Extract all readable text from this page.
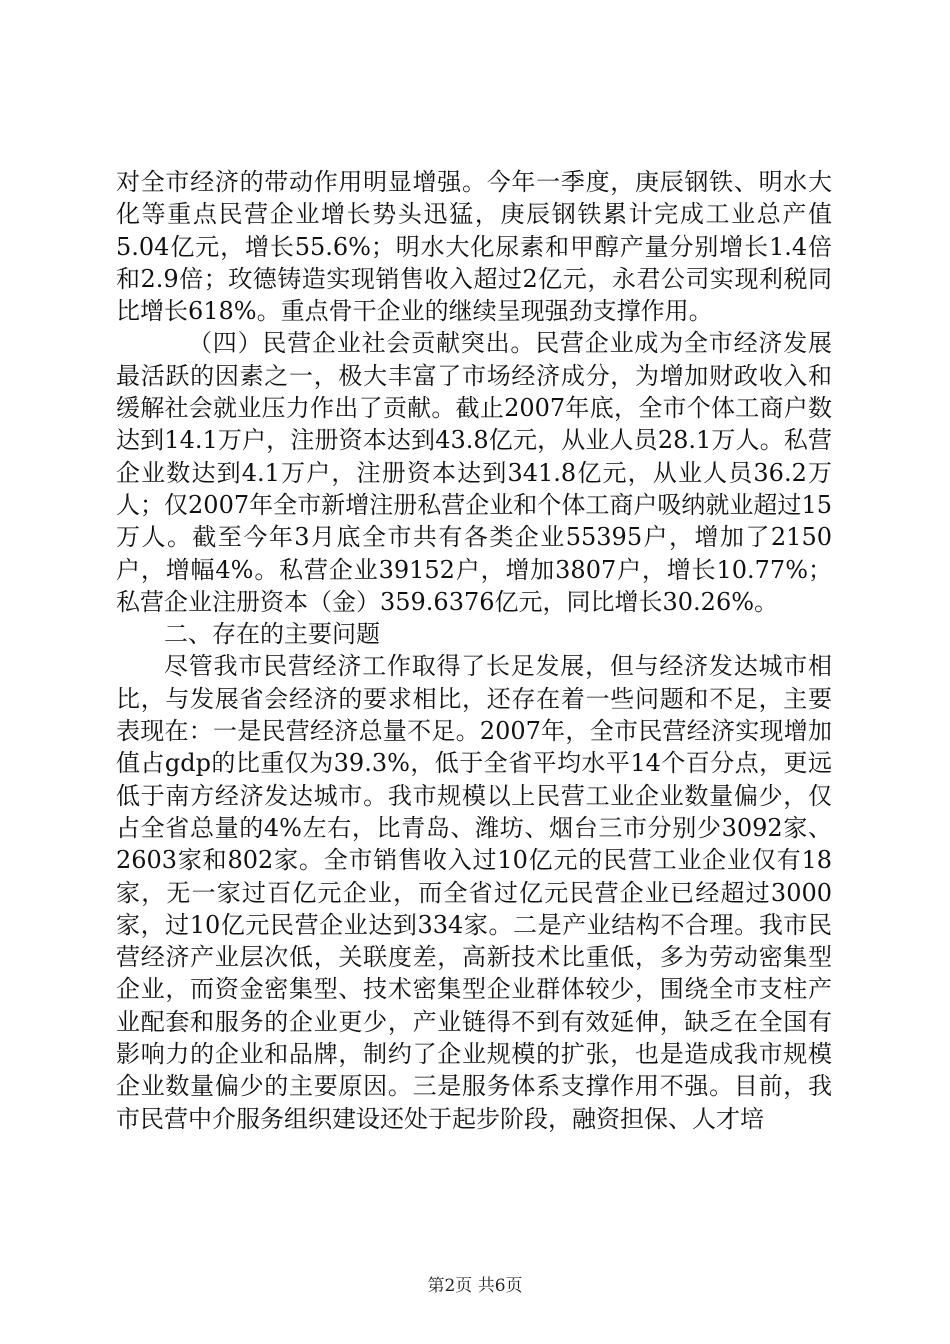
对全市经济的带动作用明显增强。今年一季度，庚辰钢铁、明水大化等重点民营企业增长势头迅猛，庚辰钢铁累计完成工业总产值5.04亿元，增长55.6%；明水大化尿素和甲醇产量分别增长1.4倍和2.9倍；玫德铸造实现销售收入超过2亿元，永君公司实现利税同比增长618%。重点骨干企业的继续呈现强劲支撑作用。

（四）民营企业社会贡献突出。民营企业成为全市经济发展最活跃的因素之一，极大丰富了市场经济成分，为增加财政收入和缓解社会就业压力作出了贡献。截止2007年底，全市个体工商户数达到14.1万户，注册资本达到43.8亿元，从业人员28.1万人。私营企业数达到4.1万户，注册资本达到341.8亿元，从业人员36.2万人；仅2007年全市新增注册私营企业和个体工商户吸纳就业超过15万人。截至今年3月底全市共有各类企业55395户，增加了2150户，增幅4%。私营企业39152户，增加3807户，增长10.77%；私营企业注册资本（金）359.6376亿元，同比增长30.26%。

二、存在的主要问题

尽管我市民营经济工作取得了长足发展，但与经济发达城市相比，与发展省会经济的要求相比，还存在着一些问题和不足，主要表现在：一是民营经济总量不足。2007年，全市民营经济实现增加值占gdp的比重仅为39.3%，低于全省平均水平14个百分点，更远低于南方经济发达城市。我市规模以上民营工业企业数量偏少，仅占全省总量的4%左右，比青岛、潍坊、烟台三市分别少3092家、2603家和802家。全市销售收入过10亿元的民营工业企业仅有18家，无一家过百亿元企业，而全省过亿元民营企业已经超过3000家，过10亿元民营企业达到334家。二是产业结构不合理。我市民营经济产业层次低，关联度差，高新技术比重低，多为劳动密集型企业，而资金密集型、技术密集型企业群体较少，围绕全市支柱产业配套和服务的企业更少，产业链得不到有效延伸，缺乏在全国有影响力的企业和品牌，制约了企业规模的扩张，也是造成我市规模企业数量偏少的主要原因。三是服务体系支撑作用不强。目前，我市民营中介服务组织建设还处于起步阶段，融资担保、人才培

第2页 共6页
